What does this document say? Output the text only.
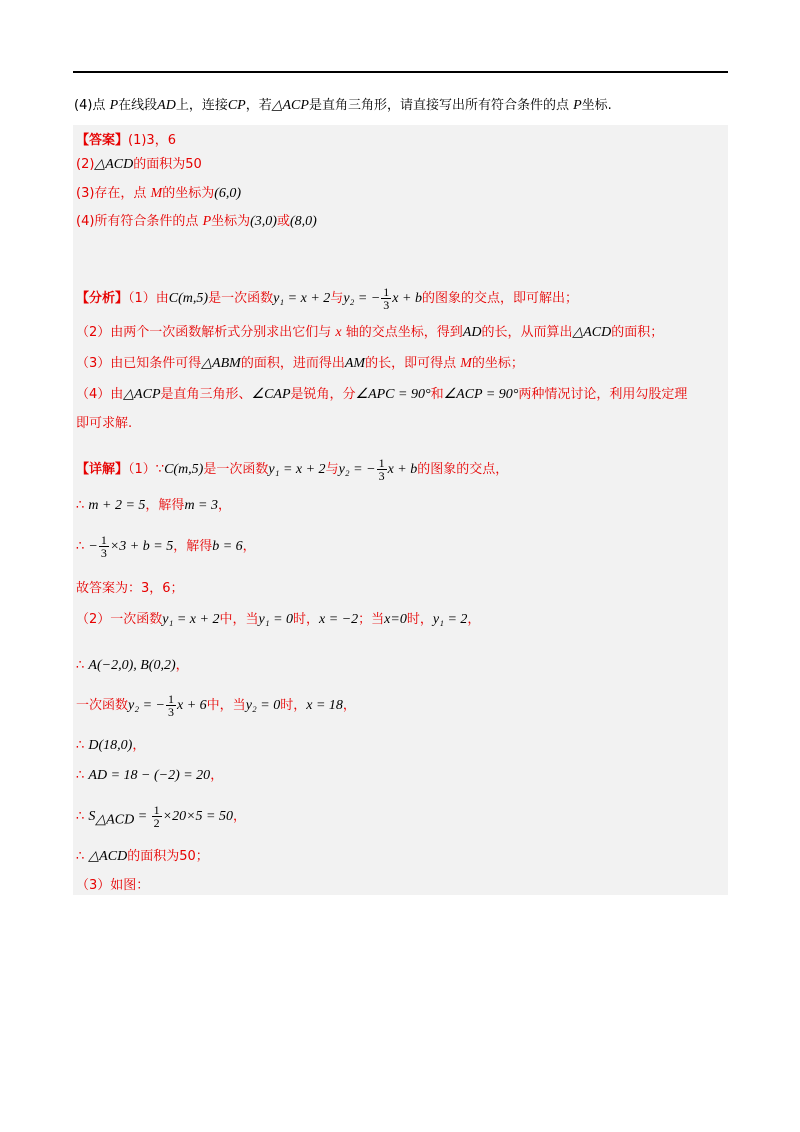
(4)点 P在线段AD上，连接CP，若△ACP是直角三角形，请直接写出所有符合条件的点 P坐标.
【答案】(1)3，6
(2)△ACD的面积为50
(3)存在，点 M的坐标为(6,0)
(4)所有符合条件的点 P坐标为(3,0)或(8,0)
【分析】（1）由C(m,5)是一次函数y₁ = x + 2与y₂ = − $\frac{1}{3}$ x + b的图象的交点，即可解出；
（2）由两个一次函数解析式分别求出它们与 x 轴的交点坐标，得到AD的长，从而算出△ACD的面积；
（3）由已知条件可得△ABM的面积，进而得出AM的长，即可得点 M的坐标；
（4）由△ACP是直角三角形、∠CAP是锐角，分∠APC = 90°和∠ACP = 90°两种情况讨论，利用勾股定理
即可求解.
【详解】（1）∵C(m,5)是一次函数y₁ = x + 2与y₂ = − $\frac{1}{3}$ x + b的图象的交点，
∴ m + 2 = 5，解得m = 3，
∴ − $\frac{1}{3} \times 3 + b = 5$，解得b = 6，
故答案为：3，6；
（2）一次函数y₁ = x + 2中，当y₁ = 0时，x = −2；当x=0时，y₁ = 2，
∴ A(−2,0), B(0,2)，
一次函数y₂ = − $\frac{1}{3}$ x + 6中，当y₂ = 0时，x = 18，
∴ D(18,0)，
∴ AD = 18 − (−2) = 20，
∴ $S_{\triangle ACD} = \frac{1}{2} \times 20\times 5 = 50$，
∴ △ACD的面积为50；
（3）如图：
